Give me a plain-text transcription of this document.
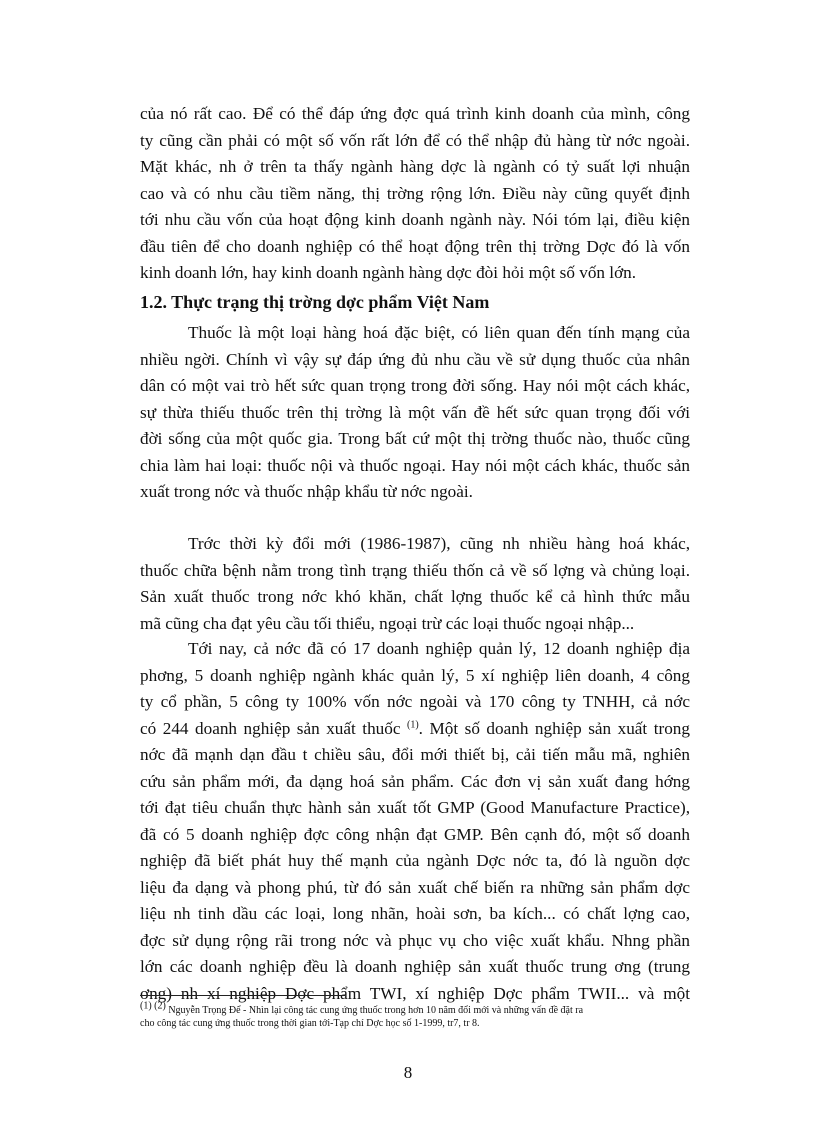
của nó rất cao. Để có thể đáp ứng đợc quá trình kinh doanh của mình, công
ty cũng cần phải có một số vốn rất lớn để có thể nhập đủ hàng từ nớc ngoài.
Mặt khác, nh ở trên ta thấy ngành hàng dợc là ngành có tỷ suất lợi nhuận
cao và có nhu cầu tiềm năng, thị trờng rộng lớn. Điều này cũng quyết định
tới nhu cầu vốn của hoạt động kinh doanh ngành này. Nói tóm lại, điều kiện
đầu tiên để cho doanh nghiệp có thể hoạt động trên thị trờng Dợc đó là vốn
kinh doanh lớn, hay kinh doanh ngành hàng dợc đòi hỏi một số vốn lớn.
1.2. Thực trạng thị trờng dợc phẩm Việt Nam
Thuốc là một loại hàng hoá đặc biệt, có liên quan đến tính mạng của
nhiều ngời. Chính vì vậy sự đáp ứng đủ nhu cầu về sử dụng thuốc của nhân
dân có một vai trò hết sức quan trọng trong đời sống. Hay nói một cách khác,
sự thừa thiếu thuốc trên thị trờng là một vấn đề hết sức quan trọng đối với
đời sống của một quốc gia. Trong bất cứ một thị trờng thuốc nào, thuốc cũng
chia làm hai loại: thuốc nội và thuốc ngoại. Hay nói một cách khác, thuốc sản
xuất trong nớc và thuốc nhập khẩu từ nớc ngoài.
Trớc thời kỳ đổi mới (1986-1987), cũng nh nhiều hàng hoá khác,
thuốc chữa bệnh nằm trong tình trạng thiếu thốn cả về số lợng và chủng loại.
Sản xuất thuốc trong nớc khó khăn, chất lợng thuốc kể cả hình thức mẫu
mã cũng cha đạt yêu cầu tối thiểu, ngoại trừ các loại thuốc ngoại nhập...
Tới nay, cả nớc đã có 17 doanh nghiệp quản lý, 12 doanh nghiệp địa
phơng, 5 doanh nghiệp ngành khác quản lý, 5 xí nghiệp liên doanh, 4 công
ty cổ phần, 5 công ty 100% vốn nớc ngoài và 170 công ty TNHH, cả nớc
có 244 doanh nghiệp sản xuất thuốc $^{(1)}$. Một số doanh nghiệp sản xuất trong
nớc đã mạnh dạn đầu t chiều sâu, đổi mới thiết bị, cải tiến mẫu mã, nghiên
cứu sản phẩm mới, đa dạng hoá sản phẩm. Các đơn vị sản xuất đang hớng
tới đạt tiêu chuẩn thực hành sản xuất tốt GMP (Good Manufacture Practice),
đã có 5 doanh nghiệp đợc công nhận đạt GMP. Bên cạnh đó, một số doanh
nghiệp đã biết phát huy thế mạnh của ngành Dợc nớc ta, đó là nguồn dợc
liệu đa dạng và phong phú, từ đó sản xuất chế biến ra những sản phẩm dợc
liệu nh tinh dầu các loại, long nhãn, hoài sơn, ba kích... có chất lợng cao,
đợc sử dụng rộng rãi trong nớc và phục vụ cho việc xuất khẩu. Nhng phần
lớn các doanh nghiệp đều là doanh nghiệp sản xuất thuốc trung ơng (trung
ơng) nh xí nghiệp Dợc phẩm TWI, xí nghiệp Dợc phẩm TWII... và một
$^{(1) (2)}$ Nguyễn Trọng Để - Nhìn lại công tác cung ứng thuốc trong hơn 10 năm đổi mới và những vấn đề đặt ra
cho công tác cung ứng thuốc trong thời gian tới-Tạp chí Dợc học số 1-1999, tr7, tr 8.
8
